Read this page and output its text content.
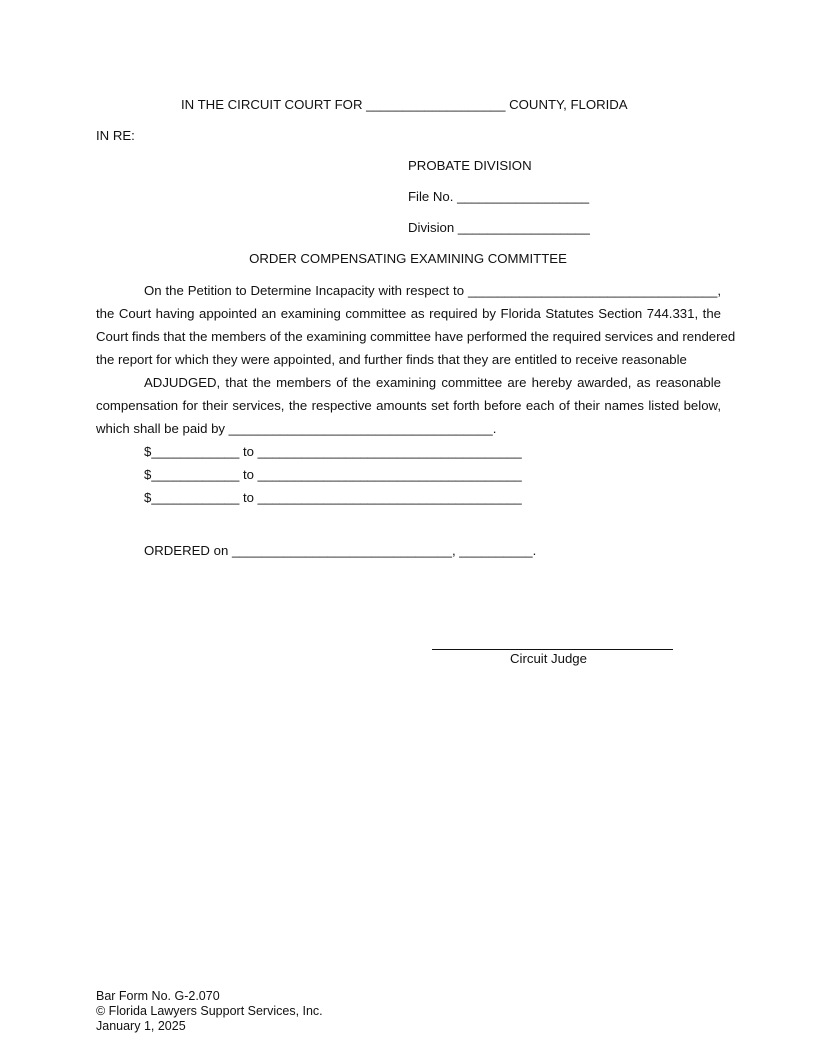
IN THE CIRCUIT COURT FOR ___________________ COUNTY, FLORIDA
IN RE:
PROBATE DIVISION
File No. __________________
Division __________________
ORDER COMPENSATING EXAMINING COMMITTEE
On the Petition to Determine Incapacity with respect to __________________________________,
the Court having appointed an examining committee as required by Florida Statutes Section 744.331, the
Court finds that the members of the examining committee have performed the required services and rendered
the report for which they were appointed, and further finds that they are entitled to receive reasonable
ADJUDGED, that the members of the examining committee are hereby awarded, as reasonable
compensation for their services, the respective amounts set forth before each of their names listed below,
which shall be paid by ____________________________________.
$____________ to ____________________________________
$____________ to ____________________________________
$____________ to ____________________________________
ORDERED on ______________________________, __________.
Circuit Judge
Bar Form No. G-2.070
© Florida Lawyers Support Services, Inc.
January 1, 2025
